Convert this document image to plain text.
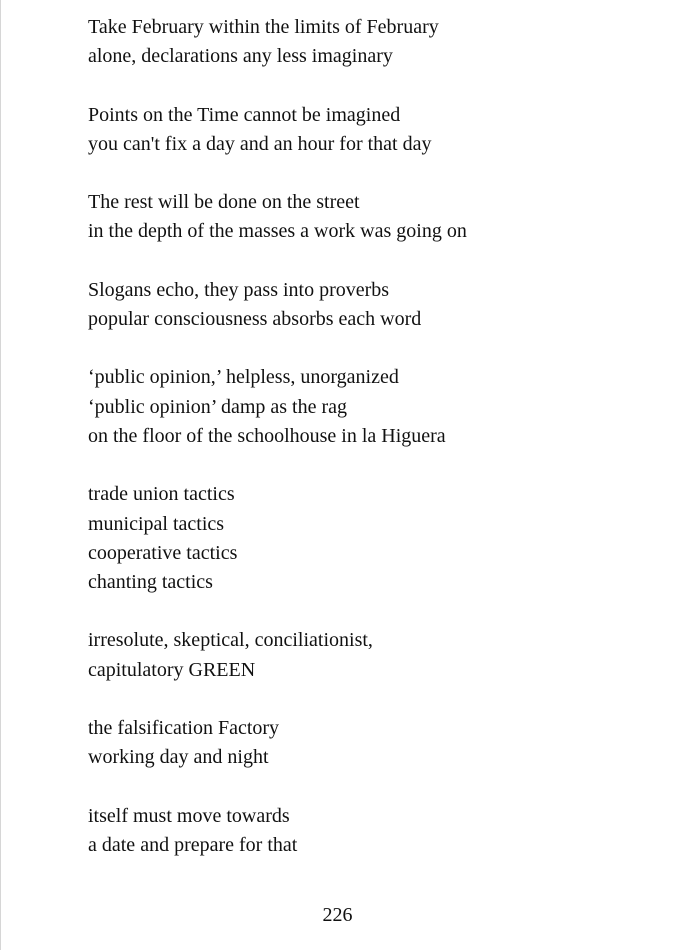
Take February within the limits of February
alone, declarations any less imaginary
Points on the Time cannot be imagined
you can't fix a day and an hour for that day
The rest will be done on the street
in the depth of the masses a work was going on
Slogans echo, they pass into proverbs
popular consciousness absorbs each word
‘public opinion,’ helpless, unorganized
‘public opinion’ damp as the rag
on the floor of the schoolhouse in la Higuera
trade union tactics
municipal tactics
cooperative tactics
chanting tactics
irresolute, skeptical, conciliationist,
capitulatory GREEN
the falsification Factory
working day and night
itself must move towards
a date and prepare for that
226
